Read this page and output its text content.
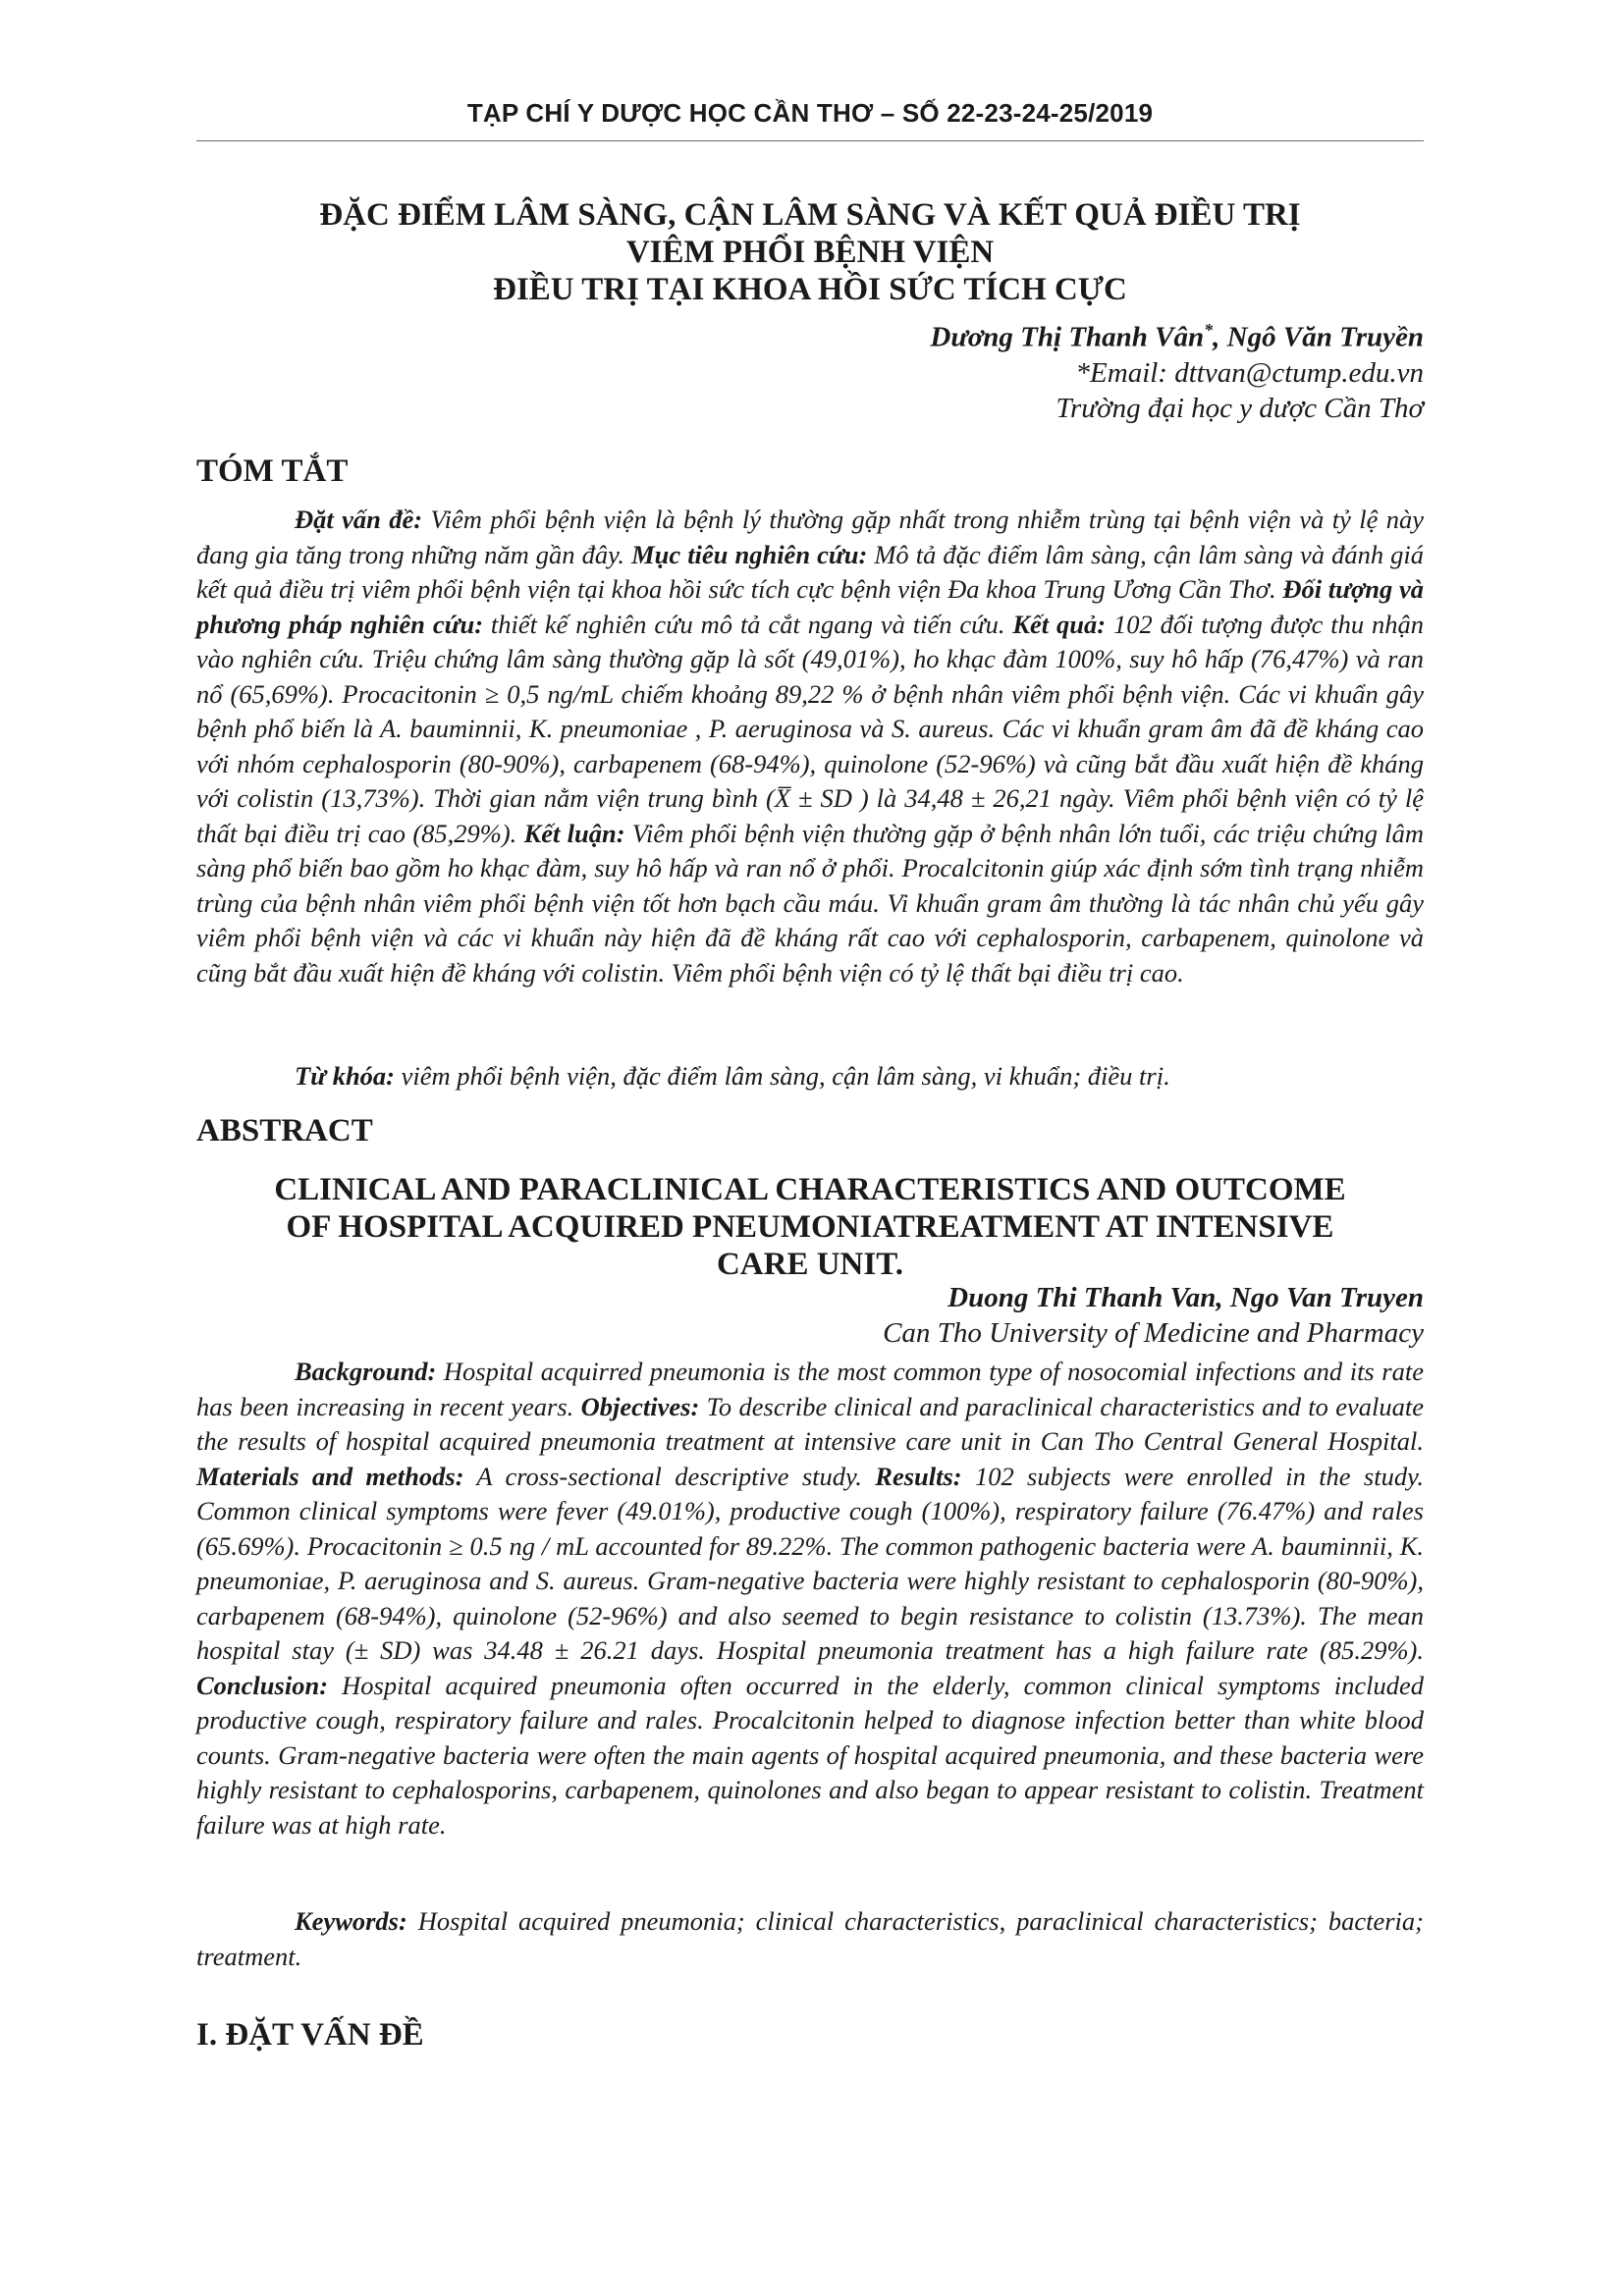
TẠP CHÍ Y DƯỢC HỌC CẦN THƠ – SỐ 22-23-24-25/2019
ĐẶC ĐIỂM LÂM SÀNG, CẬN LÂM SÀNG VÀ KẾT QUẢ ĐIỀU TRỊ
VIÊM PHỔI BỆNH VIỆN
ĐIỀU TRỊ TẠI KHOA HỒI SỨC TÍCH CỰC
Dương Thị Thanh Vân*, Ngô Văn Truyền
*Email: dttvan@ctump.edu.vn
Trường đại học y dược Cần Thơ
TÓM TẮT
Đặt vấn đề: Viêm phổi bệnh viện là bệnh lý thường gặp nhất trong nhiễm trùng tại bệnh viện và tỷ lệ này đang gia tăng trong những năm gần đây. Mục tiêu nghiên cứu: Mô tả đặc điểm lâm sàng, cận lâm sàng và đánh giá kết quả điều trị viêm phổi bệnh viện tại khoa hồi sức tích cực bệnh viện Đa khoa Trung Ương Cần Thơ. Đối tượng và phương pháp nghiên cứu: thiết kế nghiên cứu mô tả cắt ngang và tiến cứu. Kết quả: 102 đối tượng được thu nhận vào nghiên cứu. Triệu chứng lâm sàng thường gặp là sốt (49,01%), ho khạc đàm 100%, suy hô hấp (76,47%) và ran nổ (65,69%). Procacitonin ≥ 0,5 ng/mL chiếm khoảng 89,22 % ở bệnh nhân viêm phổi bệnh viện. Các vi khuẩn gây bệnh phổ biến là A. bauminnii, K. pneumoniae , P. aeruginosa và S. aureus. Các vi khuẩn gram âm đã đề kháng cao với nhóm cephalosporin (80-90%), carbapenem (68-94%), quinolone (52-96%) và cũng bắt đầu xuất hiện đề kháng với colistin (13,73%). Thời gian nằm viện trung bình (X̅ ± SD ) là 34,48 ± 26,21 ngày. Viêm phổi bệnh viện có tỷ lệ thất bại điều trị cao (85,29%). Kết luận: Viêm phổi bệnh viện thường gặp ở bệnh nhân lớn tuổi, các triệu chứng lâm sàng phổ biến bao gồm ho khạc đàm, suy hô hấp và ran nổ ở phổi. Procalcitonin giúp xác định sớm tình trạng nhiễm trùng của bệnh nhân viêm phổi bệnh viện tốt hơn bạch cầu máu. Vi khuẩn gram âm thường là tác nhân chủ yếu gây viêm phổi bệnh viện và các vi khuẩn này hiện đã đề kháng rất cao với cephalosporin, carbapenem, quinolone và cũng bắt đầu xuất hiện đề kháng với colistin. Viêm phổi bệnh viện có tỷ lệ thất bại điều trị cao.
Từ khóa: viêm phổi bệnh viện, đặc điểm lâm sàng, cận lâm sàng, vi khuẩn; điều trị.
ABSTRACT
CLINICAL AND PARACLINICAL CHARACTERISTICS AND OUTCOME
OF HOSPITAL ACQUIRED PNEUMONIATREATMENT AT INTENSIVE
CARE UNIT.
Duong Thi Thanh Van, Ngo Van Truyen
Can Tho University of Medicine and Pharmacy
Background: Hospital acquirred pneumonia is the most common type of nosocomial infections and its rate has been increasing in recent years. Objectives: To describe clinical and paraclinical characteristics and to evaluate the results of hospital acquired pneumonia treatment at intensive care unit in Can Tho Central General Hospital. Materials and methods: A cross-sectional descriptive study. Results: 102 subjects were enrolled in the study. Common clinical symptoms were fever (49.01%), productive cough (100%), respiratory failure (76.47%) and rales (65.69%). Procacitonin ≥ 0.5 ng / mL accounted for 89.22%. The common pathogenic bacteria were A. bauminnii, K. pneumoniae, P. aeruginosa and S. aureus. Gram-negative bacteria were highly resistant to cephalosporin (80-90%), carbapenem (68-94%), quinolone (52-96%) and also seemed to begin resistance to colistin (13.73%). The mean hospital stay (± SD) was 34.48 ± 26.21 days. Hospital pneumonia treatment has a high failure rate (85.29%). Conclusion: Hospital acquired pneumonia often occurred in the elderly, common clinical symptoms included productive cough, respiratory failure and rales. Procalcitonin helped to diagnose infection better than white blood counts. Gram-negative bacteria were often the main agents of hospital acquired pneumonia, and these bacteria were highly resistant to cephalosporins, carbapenem, quinolones and also began to appear resistant to colistin. Treatment failure was at high rate.
Keywords: Hospital acquired pneumonia; clinical characteristics, paraclinical characteristics; bacteria; treatment.
I. ĐẶT VẤN ĐỀ
